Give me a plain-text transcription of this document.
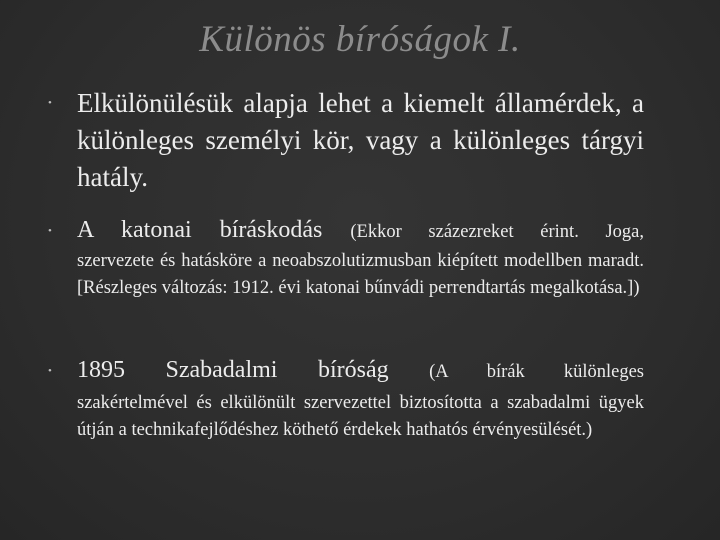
Különös bíróságok I.
• Elkülönülésük alapja lehet a kiemelt államérdek, a különleges személyi kör, vagy a különleges tárgyi hatály.
• A katonai bíráskodás (Ekkor százezreket érint. Joga,
szervezete és hatásköre a neoabszolutizmusban kiépített modellben maradt. [Részleges változás: 1912. évi katonai bűnvádi perrendtartás megalkotása.])
• 1895 Szabadalmi bíróság (A bírák különleges
szakértelmével és elkülönült szervezettel biztosította a szabadalmi ügyek útján a technikafejlődéshez köthető érdekek hathatós érvényesülését.)
